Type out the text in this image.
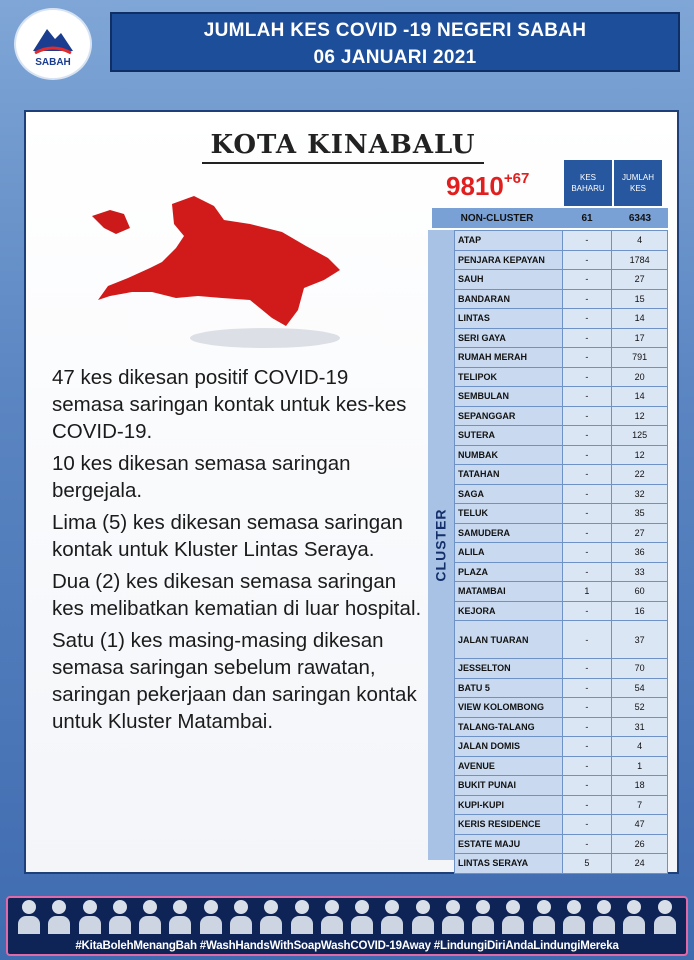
SABAH
JUMLAH KES COVID -19 NEGERI SABAH
06 JANUARI 2021
KOTA KINABALU

47 kes dikesan positif COVID-19 semasa saringan kontak untuk kes-kes COVID-19.

10 kes dikesan semasa saringan bergejala.

Lima (5) kes dikesan semasa saringan kontak untuk Kluster Lintas Seraya.

Dua (2) kes dikesan semasa saringan kes melibatkan kematian di luar hospital.

Satu (1) kes masing-masing dikesan semasa saringan sebelum rawatan, saringan pekerjaan dan saringan kontak untuk Kluster Matambai.

$9810^{+67}$	KES BAHARU
JUMLAH KES
NON-CLUSTER	61	6343
CLUSTER
ATAP	-	4
PENJARA KEPAYAN	-	1784
SAUH	-	27
BANDARAN	-	15
LINTAS	-	14
SERI GAYA	-	17
RUMAH MERAH	-	791
TELIPOK	-	20
SEMBULAN	-	14
SEPANGGAR	-	12
SUTERA	-	125
NUMBAK	-	12
TATAHAN	-	22
SAGA	-	32
TELUK	-	35
SAMUDERA	-	27
ALILA	-	36
PLAZA	-	33
MATAMBAI	1	60
KEJORA	-	16
JALAN TUARAN	-	37
JESSELTON	-	70
BATU 5	-	54
VIEW KOLOMBONG	-	52
TALANG-TALANG	-	31
JALAN DOMIS	-	4
AVENUE	-	1
BUKIT PUNAI	-	18
KUPI-KUPI	-	7
KERIS RESIDENCE	-	47
ESTATE MAJU	-	26
LINTAS SERAYA	5	24
#KitaBolehMenangBah #WashHandsWithSoapWashCOVID-19Away #LindungiDiriAndaLindungiMereka
